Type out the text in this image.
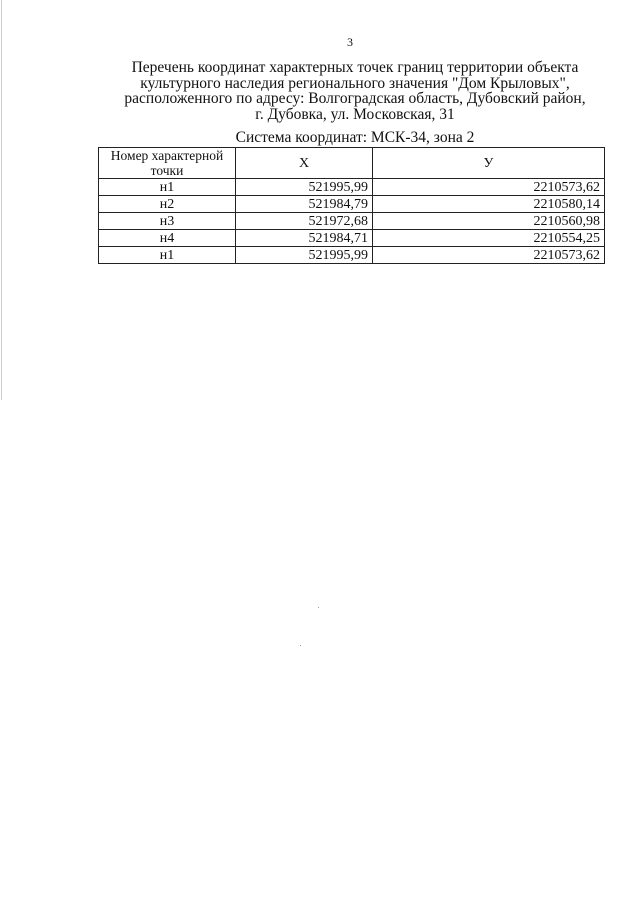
3
Перечень координат характерных точек границ территории объекта
культурного наследия регионального значения "Дом Крыловых",
расположенного по адресу: Волгоградская область, Дубовский район,
г. Дубовка, ул. Московская, 31
Система координат: МСК-34, зона 2
Номер характерной точки	X	У
н1	521995,99	2210573,62
н2	521984,79	2210580,14
н3	521972,68	2210560,98
н4	521984,71	2210554,25
н1	521995,99	2210573,62
